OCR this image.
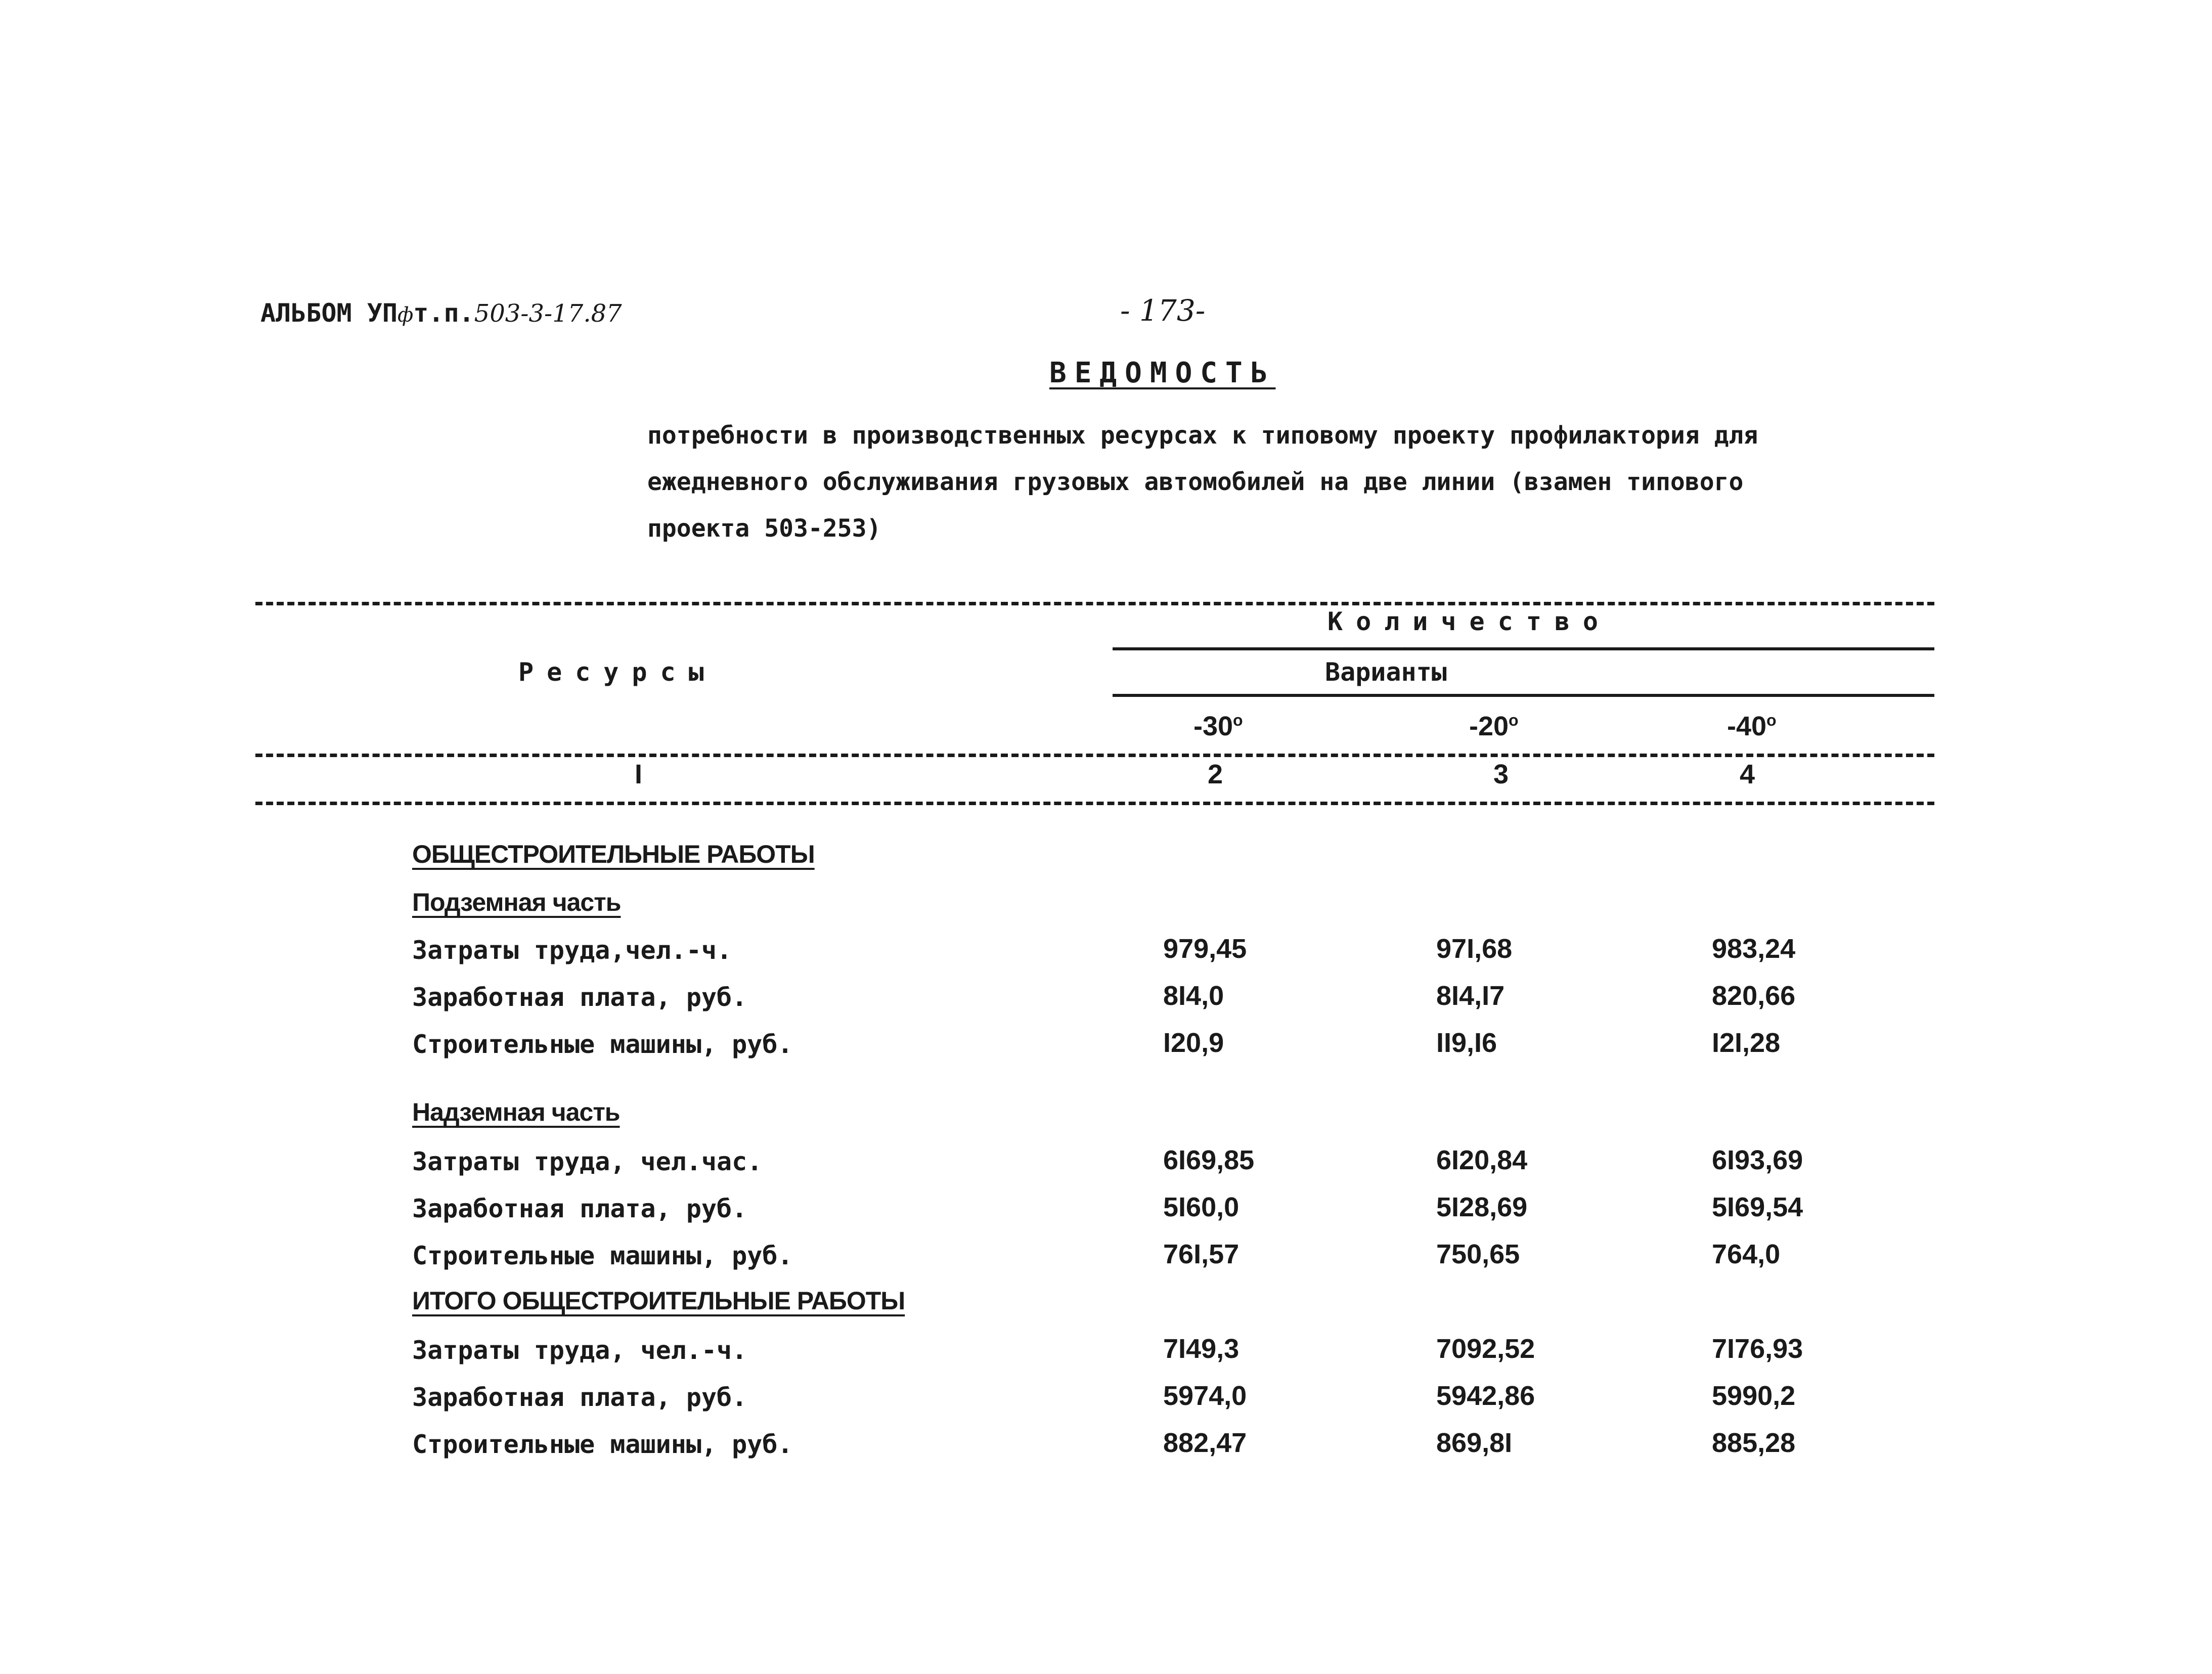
АЛЬБОМ УПфт.п.503-3-17.87	- 173-
ВЕДОМОСТЬ
потребности в производственных ресурсах к типовому проекту профилактория для ежедневного обслуживания грузовых автомобилей на две линии (взамен типового проекта 503-253)
Ресурсы
Количество
Варианты
$-30^о$	$-20^о$	$-40^о$
I	2	3	4
ОБЩЕСТРОИТЕЛЬНЫЕ РАБОТЫ
Подземная часть
Затраты труда,чел.-ч.	979,45	97I,68	983,24
Заработная плата, руб.	8I4,0	8I4,I7	820,66
Строительные машины, руб.	I20,9	II9,I6	I2I,28
Надземная часть
Затраты труда, чел.час.	6I69,85	6I20,84	6I93,69
Заработная плата, руб.	5I60,0	5I28,69	5I69,54
Строительные машины, руб.	76I,57	750,65	764,0
ИТОГО ОБЩЕСТРОИТЕЛЬНЫЕ РАБОТЫ
Затраты труда, чел.-ч.	7I49,3	7092,52	7I76,93
Заработная плата, руб.	5974,0	5942,86	5990,2
Строительные машины, руб.	882,47	869,8I	885,28
